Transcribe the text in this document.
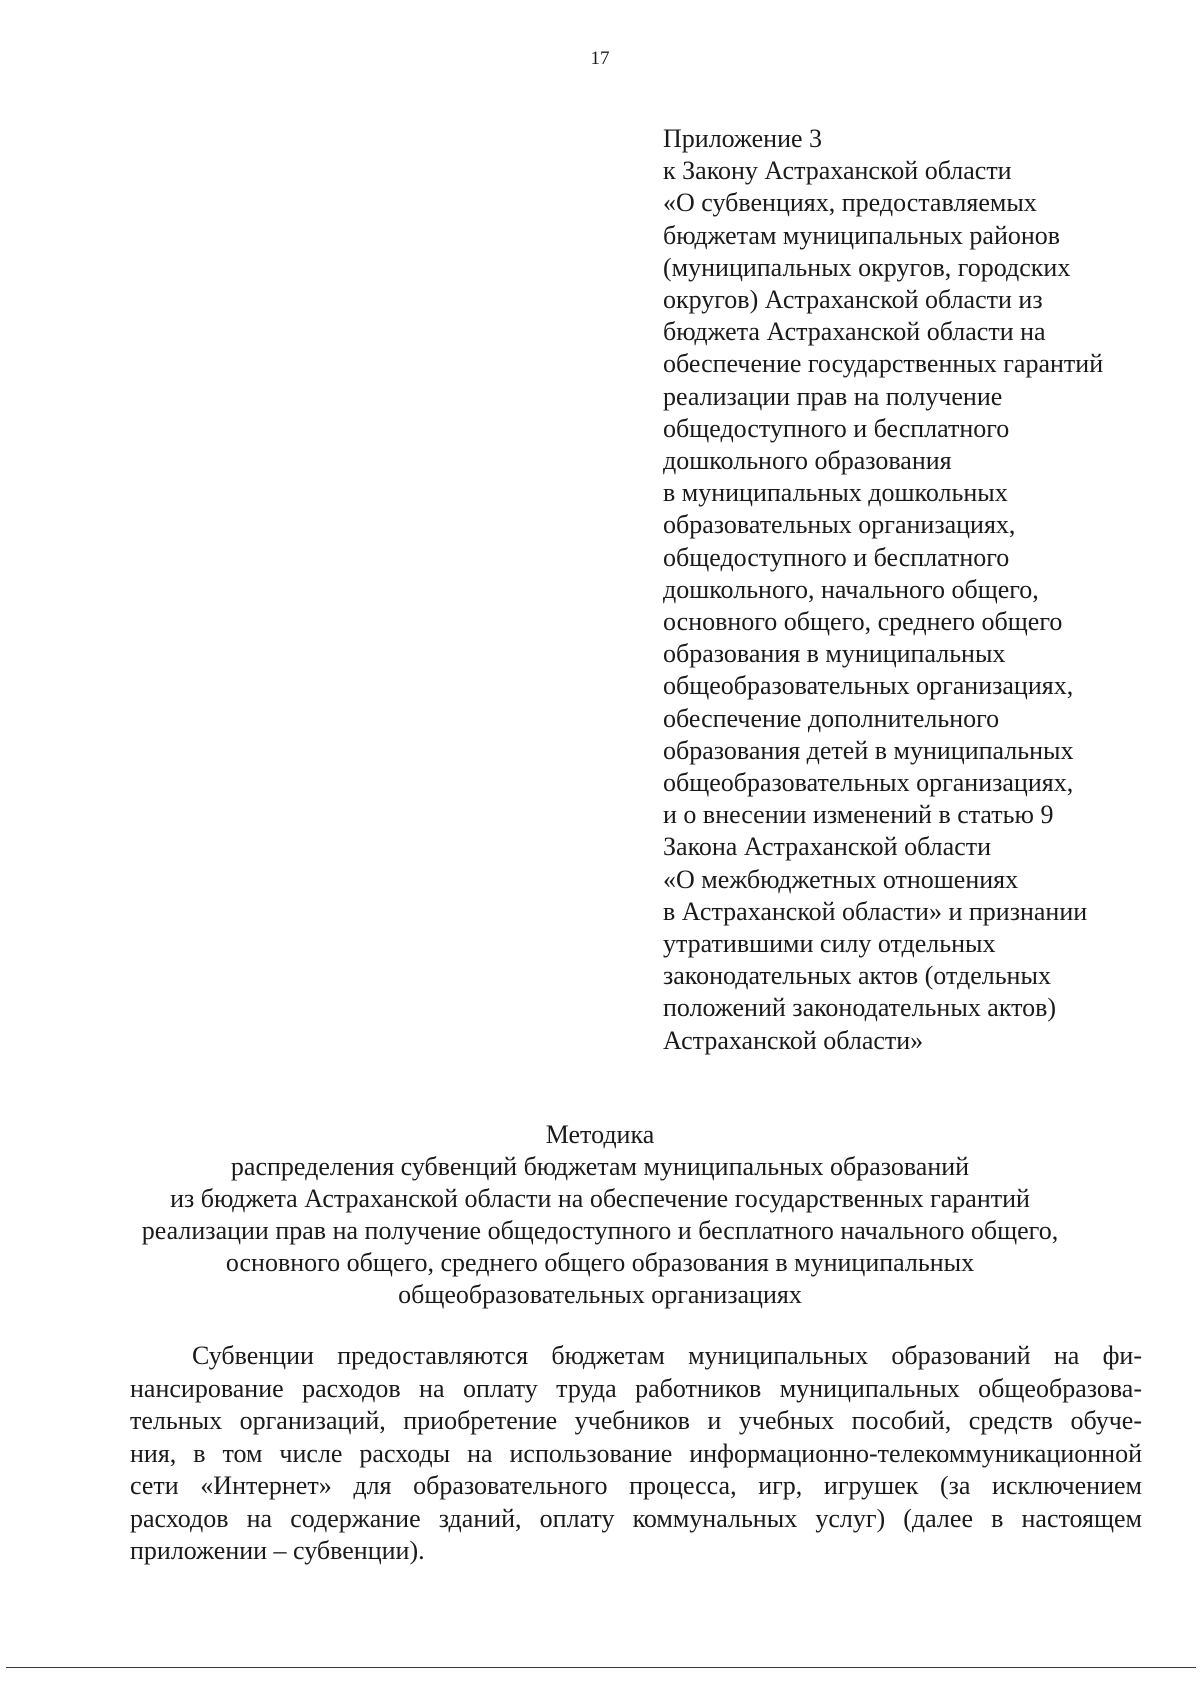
17
Приложение 3
к Закону Астраханской области
«О субвенциях, предоставляемых
бюджетам муниципальных районов
(муниципальных округов, городских
округов) Астраханской области из
бюджета Астраханской области на
обеспечение государственных гарантий
реализации прав на получение
общедоступного и бесплатного
дошкольного образования
в муниципальных дошкольных
образовательных организациях,
общедоступного и бесплатного
дошкольного, начального общего,
основного общего, среднего общего
образования в муниципальных
общеобразовательных организациях,
обеспечение дополнительного
образования детей в муниципальных
общеобразовательных организациях,
и о внесении изменений в статью 9
Закона Астраханской области
«О межбюджетных отношениях
в Астраханской области» и признании
утратившими силу отдельных
законодательных актов (отдельных
положений законодательных актов)
Астраханской области»
Методика
распределения субвенций бюджетам муниципальных образований
из бюджета Астраханской области на обеспечение государственных гарантий
реализации прав на получение общедоступного и бесплатного начального общего,
основного общего, среднего общего образования в муниципальных
общеобразовательных организациях
Субвенции предоставляются бюджетам муниципальных образований на фи-
нансирование расходов на оплату труда работников муниципальных общеобразова-
тельных организаций, приобретение учебников и учебных пособий, средств обуче-
ния, в том числе расходы на использование информационно-телекоммуникационной
сети «Интернет» для образовательного процесса, игр, игрушек (за исключением
расходов на содержание зданий, оплату коммунальных услуг) (далее в настоящем
приложении – субвенции).
